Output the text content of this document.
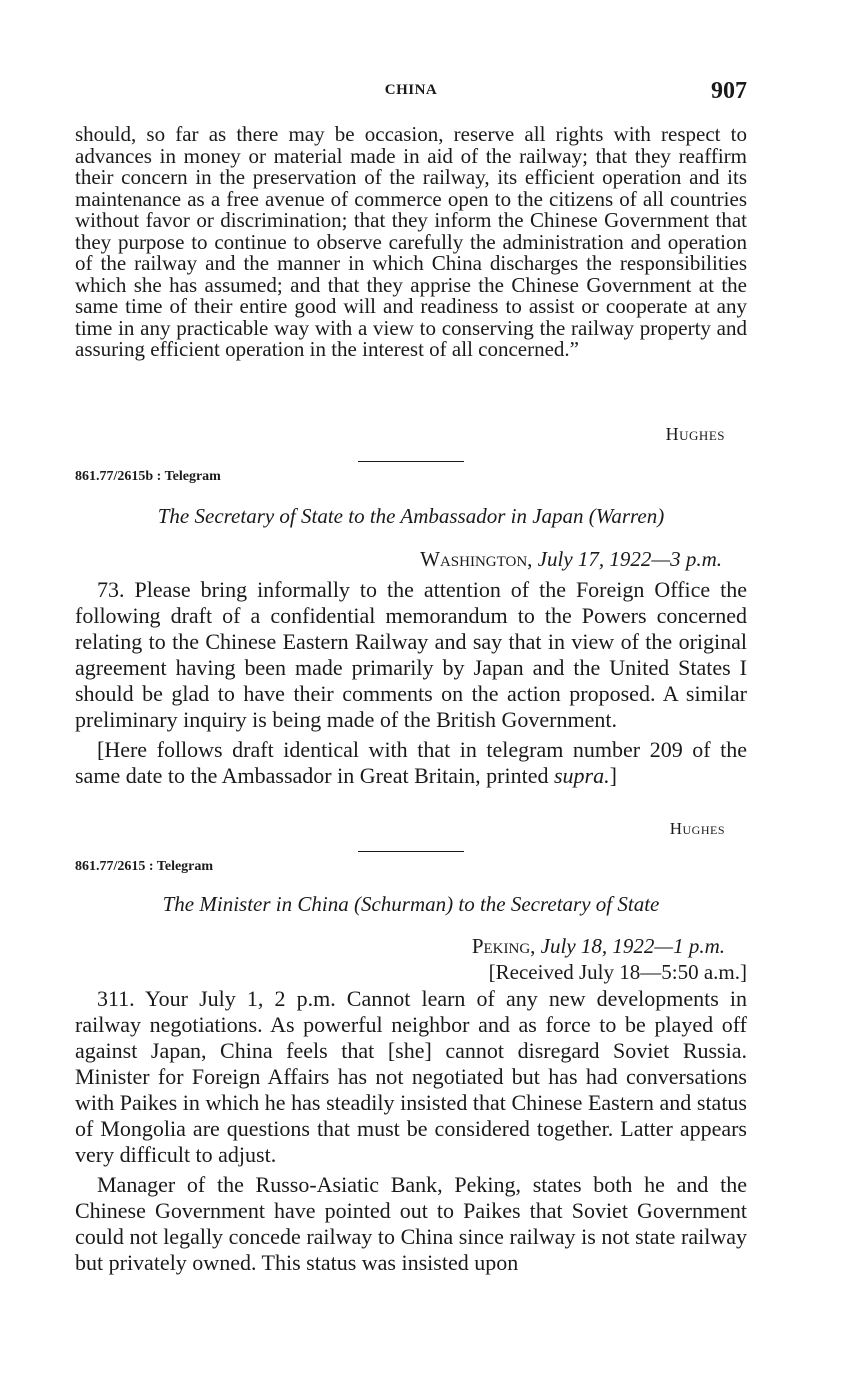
CHINA	907

should, so far as there may be occasion, reserve all rights with respect to advances in money or material made in aid of the railway; that they reaffirm their concern in the preservation of the railway, its efficient operation and its maintenance as a free avenue of commerce open to the citizens of all countries without favor or discrimination; that they inform the Chinese Government that they purpose to continue to observe carefully the administration and operation of the railway and the manner in which China discharges the responsibilities which she has assumed; and that they apprise the Chinese Government at the same time of their entire good will and readiness to assist or cooperate at any time in any practicable way with a view to conserving the railway property and assuring efficient operation in the interest of all concerned.”

Hughes
861.77/2615b : Telegram
The Secretary of State to the Ambassador in Japan (Warren)
Washington, July 17, 1922—3 p.m.

73. Please bring informally to the attention of the Foreign Office the following draft of a confidential memorandum to the Powers concerned relating to the Chinese Eastern Railway and say that in view of the original agreement having been made primarily by Japan and the United States I should be glad to have their comments on the action proposed. A similar preliminary inquiry is being made of the British Government.

[Here follows draft identical with that in telegram number 209 of the same date to the Ambassador in Great Britain, printed supra.]

Hughes
861.77/2615 : Telegram
The Minister in China (Schurman) to the Secretary of State
Peking, July 18, 1922—1 p.m.
[Received July 18—5:50 a.m.]

311. Your July 1, 2 p.m. Cannot learn of any new developments in railway negotiations. As powerful neighbor and as force to be played off against Japan, China feels that [she] cannot disregard Soviet Russia. Minister for Foreign Affairs has not negotiated but has had conversations with Paikes in which he has steadily insisted that Chinese Eastern and status of Mongolia are questions that must be considered together. Latter appears very difficult to adjust.

Manager of the Russo-Asiatic Bank, Peking, states both he and the Chinese Government have pointed out to Paikes that Soviet Government could not legally concede railway to China since railway is not state railway but privately owned. This status was insisted upon
